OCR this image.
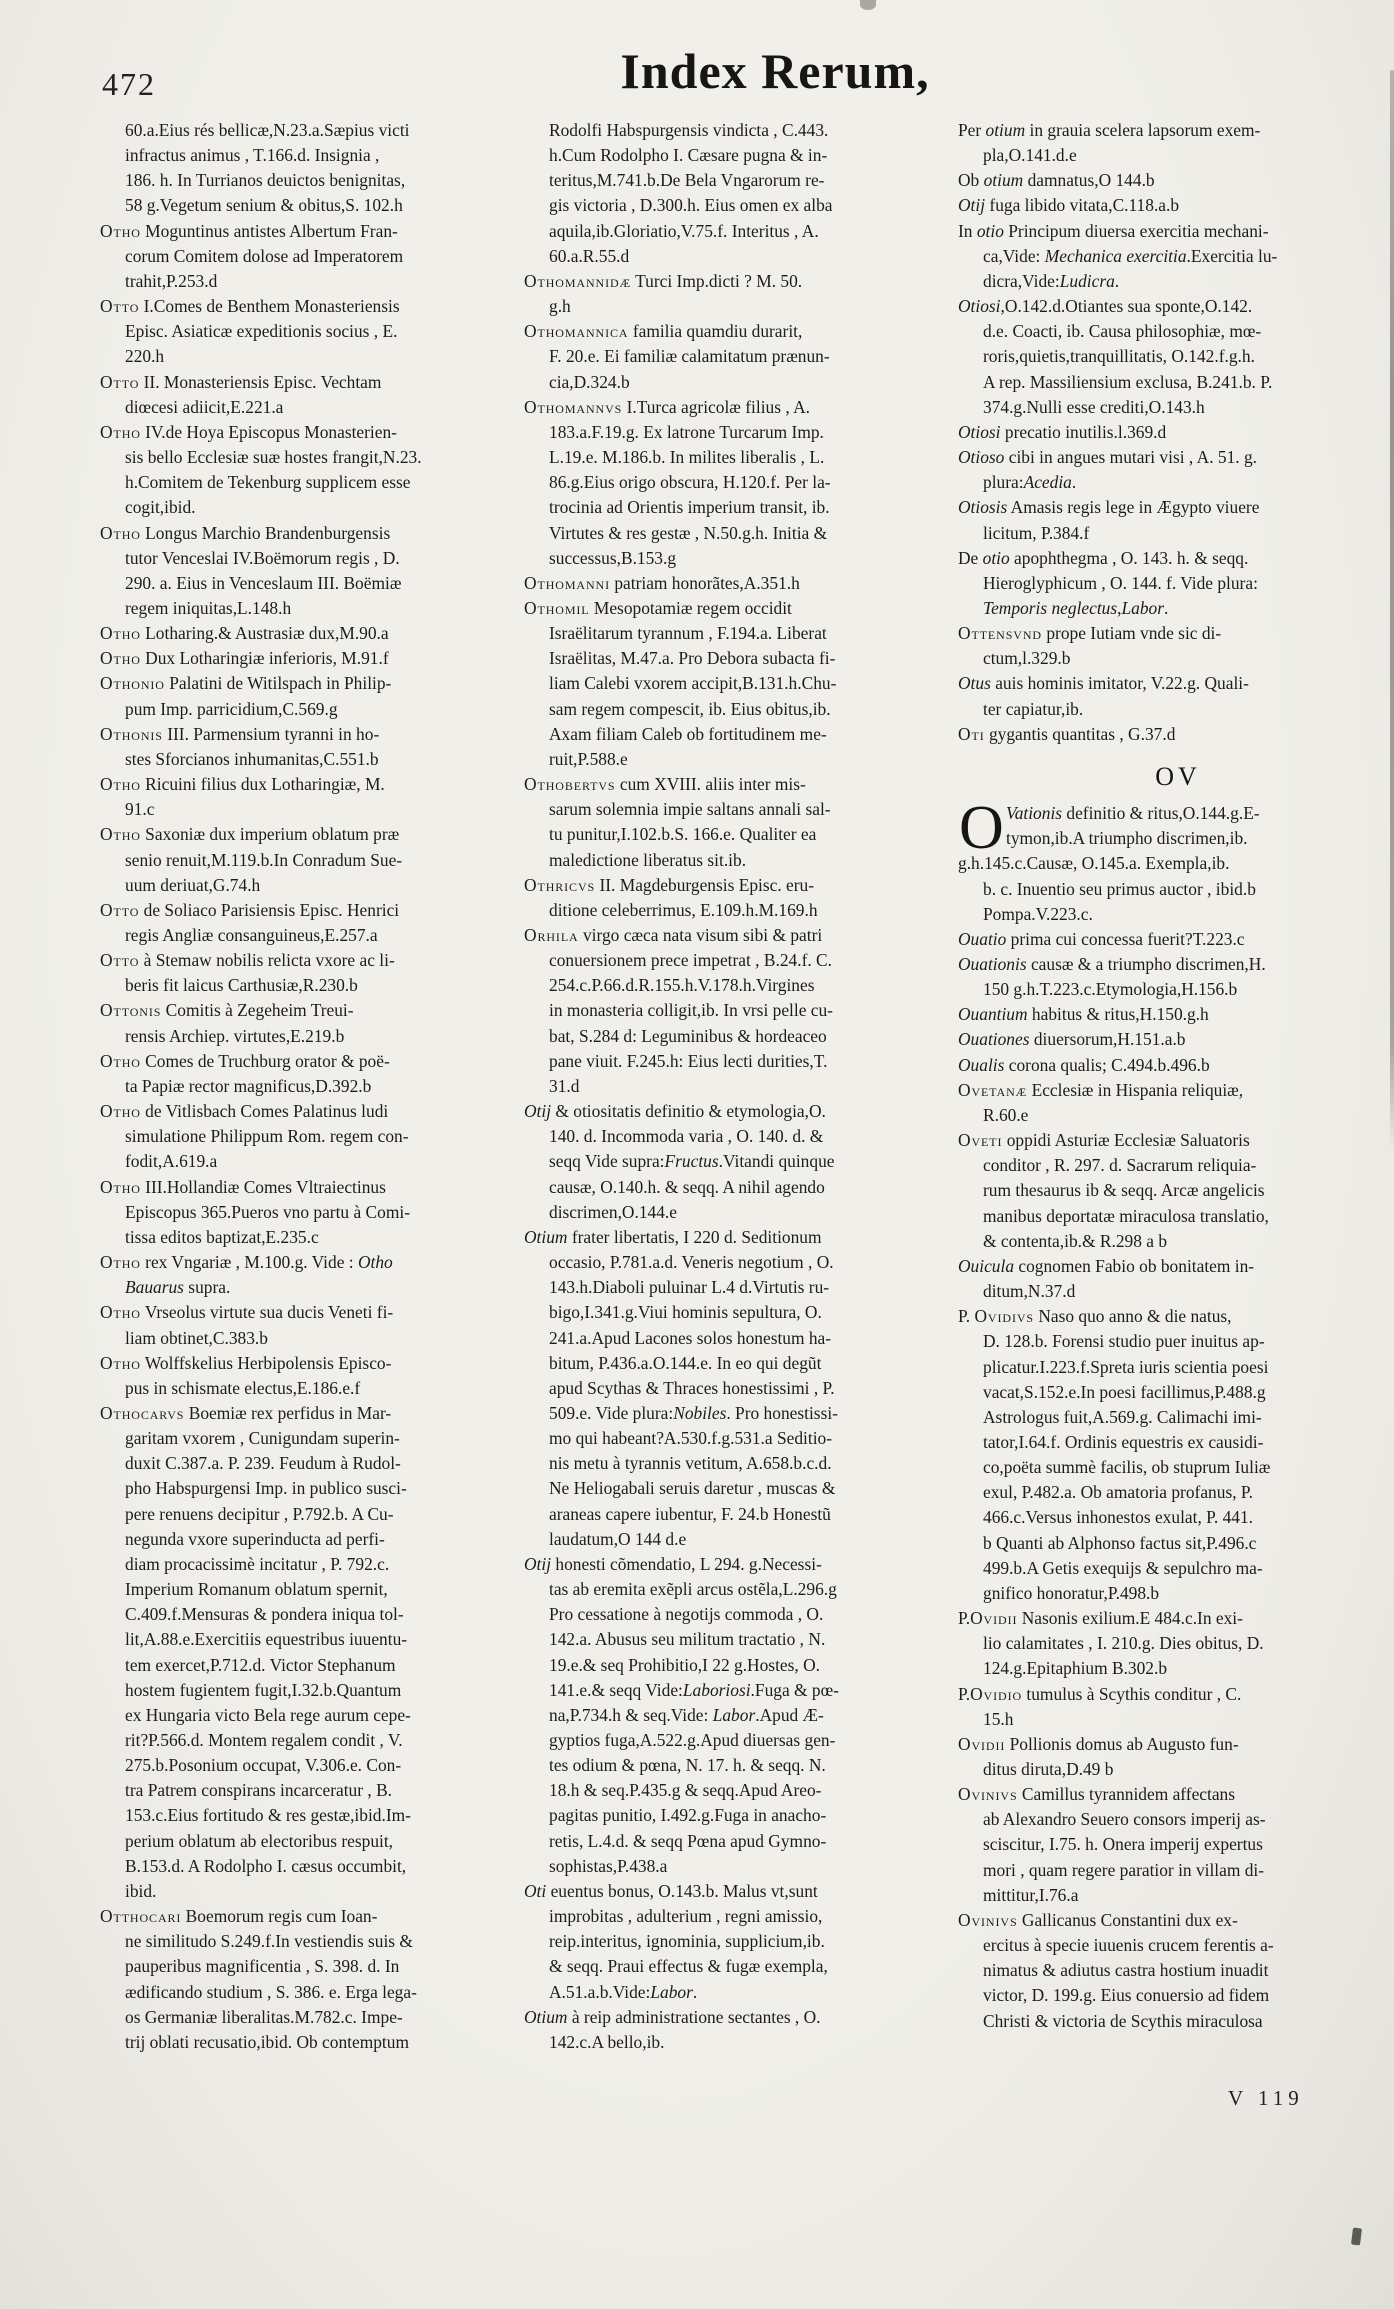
472	Index Rerum,
60.a.Eius rés bellicæ,N.23.a.Sæpius victi
infractus animus , T.166.d. Insignia ,
186. h. In Turrianos deuictos benignitas,
58 g.Vegetum senium & obitus,S. 102.h
Otho Moguntinus antistes Albertum Fran-
corum Comitem dolose ad Imperatorem
trahit,P.253.d
Otto I.Comes de Benthem Monasteriensis
Episc. Asiaticæ expeditionis socius , E.
220.h
Otto II. Monasteriensis Episc. Vechtam
diœcesi adiicit,E.221.a
Otho IV.de Hoya Episcopus Monasterien-
sis bello Ecclesiæ suæ hostes frangit,N.23.
h.Comitem de Tekenburg supplicem esse
cogit,ibid.
Otho Longus Marchio Brandenburgensis
tutor Venceslai IV.Boëmorum regis , D.
290. a. Eius in Venceslaum III. Boëmiæ
regem iniquitas,L.148.h
Otho Lotharing.& Austrasiæ dux,M.90.a
Otho Dux Lotharingiæ inferioris, M.91.f
Othonio Palatini de Witilspach in Philip-
pum Imp. parricidium,C.569.g
Othonis III. Parmensium tyranni in ho-
stes Sforcianos inhumanitas,C.551.b
Otho Ricuini filius dux Lotharingiæ, M.
91.c
Otho Saxoniæ dux imperium oblatum præ
senio renuit,M.119.b.In Conradum Sue-
uum deriuat,G.74.h
Otto de Soliaco Parisiensis Episc. Henrici
regis Angliæ consanguineus,E.257.a
Otto à Stemaw nobilis relicta vxore ac li-
beris fit laicus Carthusiæ,R.230.b
Ottonis Comitis à Zegeheim Treui-
rensis Archiep. virtutes,E.219.b
Otho Comes de Truchburg orator & poë-
ta Papiæ rector magnificus,D.392.b
Otho de Vitlisbach Comes Palatinus ludi
simulatione Philippum Rom. regem con-
fodit,A.619.a
Otho III.Hollandiæ Comes Vltraiectinus
Episcopus 365.Pueros vno partu à Comi-
tissa editos baptizat,E.235.c
Otho rex Vngariæ , M.100.g. Vide : Otho
Bauarus supra.
Otho Vrseolus virtute sua ducis Veneti fi-
liam obtinet,C.383.b
Otho Wolffskelius Herbipolensis Episco-
pus in schismate electus,E.186.e.f
Othocarvs Boemiæ rex perfidus in Mar-
garitam vxorem , Cunigundam superin-
duxit C.387.a. P. 239. Feudum à Rudol-
pho Habspurgensi Imp. in publico susci-
pere renuens decipitur , P.792.b. A Cu-
negunda vxore superinducta ad perfi-
diam procacissimè incitatur , P. 792.c.
Imperium Romanum oblatum spernit,
C.409.f.Mensuras & pondera iniqua tol-
lit,A.88.e.Exercitiis equestribus iuuentu-
tem exercet,P.712.d. Victor Stephanum
hostem fugientem fugit,I.32.b.Quantum
ex Hungaria victo Bela rege aurum cepe-
rit?P.566.d. Montem regalem condit , V.
275.b.Posonium occupat, V.306.e. Con-
tra Patrem conspirans incarceratur , B.
153.c.Eius fortitudo & res gestæ,ibid.Im-
perium oblatum ab electoribus respuit,
B.153.d. A Rodolpho I. cæsus occumbit,
ibid.
Otthocari Boemorum regis cum Ioan-
ne similitudo S.249.f.In vestiendis suis &
pauperibus magnificentia , S. 398. d. In
ædificando studium , S. 386. e. Erga lega-
os Germaniæ liberalitas.M.782.c. Impe-
trij oblati recusatio,ibid. Ob contemptum
Rodolfi Habspurgensis vindicta , C.443.
h.Cum Rodolpho I. Cæsare pugna & in-
teritus,M.741.b.De Bela Vngarorum re-
gis victoria , D.300.h. Eius omen ex alba
aquila,ib.Gloriatio,V.75.f. Interitus , A.
60.a.R.55.d
Othomannidæ Turci Imp.dicti ? M. 50.
g.h
Othomannica familia quamdiu durarit,
F. 20.e. Ei familiæ calamitatum prænun-
cia,D.324.b
Othomannvs I.Turca agricolæ filius , A.
183.a.F.19.g. Ex latrone Turcarum Imp.
L.19.e. M.186.b. In milites liberalis , L.
86.g.Eius origo obscura, H.120.f. Per la-
trocinia ad Orientis imperium transit, ib.
Virtutes & res gestæ , N.50.g.h. Initia &
successus,B.153.g
Othomanni patriam honorãtes,A.351.h
Othomil Mesopotamiæ regem occidit
Israëlitarum tyrannum , F.194.a. Liberat
Israëlitas, M.47.a. Pro Debora subacta fi-
liam Calebi vxorem accipit,B.131.h.Chu-
sam regem compescit, ib. Eius obitus,ib.
Axam filiam Caleb ob fortitudinem me-
ruit,P.588.e
Othobertvs cum XVIII. aliis inter mis-
sarum solemnia impie saltans annali sal-
tu punitur,I.102.b.S. 166.e. Qualiter ea
maledictione liberatus sit.ib.
Othricvs II. Magdeburgensis Episc. eru-
ditione celeberrimus, E.109.h.M.169.h
Orhila virgo cæca nata visum sibi & patri
conuersionem prece impetrat , B.24.f. C.
254.c.P.66.d.R.155.h.V.178.h.Virgines
in monasteria colligit,ib. In vrsi pelle cu-
bat, S.284 d: Leguminibus & hordeaceo
pane viuit. F.245.h: Eius lecti durities,T.
31.d
Otij & otiositatis definitio & etymologia,O.
140. d. Incommoda varia , O. 140. d. &
seqq Vide supra:Fructus.Vitandi quinque
causæ, O.140.h. & seqq. A nihil agendo
discrimen,O.144.e
Otium frater libertatis, I 220 d. Seditionum
occasio, P.781.a.d. Veneris negotium , O.
143.h.Diaboli puluinar L.4 d.Virtutis ru-
bigo,I.341.g.Viui hominis sepultura, O.
241.a.Apud Lacones solos honestum ha-
bitum, P.436.a.O.144.e. In eo qui degũt
apud Scythas & Thraces honestissimi , P.
509.e. Vide plura:Nobiles. Pro honestissi-
mo qui habeant?A.530.f.g.531.a Seditio-
nis metu à tyrannis vetitum, A.658.b.c.d.
Ne Heliogabali seruis daretur , muscas &
araneas capere iubentur, F. 24.b Honestũ
laudatum,O 144 d.e
Otij honesti cõmendatio, L 294. g.Necessi-
tas ab eremita exẽpli arcus ostẽla,L.296.g
Pro cessatione à negotijs commoda , O.
142.a. Abusus seu militum tractatio , N.
19.e.& seq Prohibitio,I 22 g.Hostes, O.
141.e.& seqq Vide:Laboriosi.Fuga & pœ-
na,P.734.h & seq.Vide: Labor.Apud Æ-
gyptios fuga,A.522.g.Apud diuersas gen-
tes odium & pœna, N. 17. h. & seqq. N.
18.h & seq.P.435.g & seqq.Apud Areo-
pagitas punitio, I.492.g.Fuga in anacho-
retis, L.4.d. & seqq Pœna apud Gymno-
sophistas,P.438.a
Oti euentus bonus, O.143.b. Malus vt,sunt
improbitas , adulterium , regni amissio,
reip.interitus, ignominia, supplicium,ib.
& seqq. Praui effectus & fugæ exempla,
A.51.a.b.Vide:Labor.
Otium à reip administratione sectantes , O.
142.c.A bello,ib.
Per otium in grauia scelera lapsorum exem-
pla,O.141.d.e
Ob otium damnatus,O 144.b
Otij fuga libido vitata,C.118.a.b
In otio Principum diuersa exercitia mechani-
ca,Vide: Mechanica exercitia.Exercitia lu-
dicra,Vide:Ludicra.
Otiosi,O.142.d.Otiantes sua sponte,O.142.
d.e. Coacti, ib. Causa philosophiæ, mœ-
roris,quietis,tranquillitatis, O.142.f.g.h.
A rep. Massiliensium exclusa, B.241.b. P.
374.g.Nulli esse crediti,O.143.h
Otiosi precatio inutilis.l.369.d
Otioso cibi in angues mutari visi , A. 51. g.
plura:Acedia.
Otiosis Amasis regis lege in Ægypto viuere
licitum, P.384.f
De otio apophthegma , O. 143. h. & seqq.
Hieroglyphicum , O. 144. f. Vide plura:
Temporis neglectus,Labor.
Ottensvnd prope Iutiam vnde sic di-
ctum,l.329.b
Otus auis hominis imitator, V.22.g. Quali-
ter capiatur,ib.
Oti gygantis quantitas , G.37.d
OV
O Vationis definitio & ritus,O.144.g.E-
tymon,ib.A triumpho discrimen,ib.
g.h.145.c.Causæ, O.145.a. Exempla,ib.
b. c. Inuentio seu primus auctor , ibid.b
Pompa.V.223.c.
Ouatio prima cui concessa fuerit?T.223.c
Ouationis causæ & a triumpho discrimen,H.
150 g.h.T.223.c.Etymologia,H.156.b
Ouantium habitus & ritus,H.150.g.h
Ouationes diuersorum,H.151.a.b
Oualis corona qualis; C.494.b.496.b
Ovetanæ Ecclesiæ in Hispania reliquiæ,
R.60.e
Oveti oppidi Asturiæ Ecclesiæ Saluatoris
conditor , R. 297. d. Sacrarum reliquia-
rum thesaurus ib & seqq. Arcæ angelicis
manibus deportatæ miraculosa translatio,
& contenta,ib.& R.298 a b
Ouicula cognomen Fabio ob bonitatem in-
ditum,N.37.d
P. Ovidivs Naso quo anno & die natus,
D. 128.b. Forensi studio puer inuitus ap-
plicatur.I.223.f.Spreta iuris scientia poesi
vacat,S.152.e.In poesi facillimus,P.488.g
Astrologus fuit,A.569.g. Calimachi imi-
tator,I.64.f. Ordinis equestris ex causidi-
co,poëta summè facilis, ob stuprum Iuliæ
exul, P.482.a. Ob amatoria profanus, P.
466.c.Versus inhonestos exulat, P. 441.
b Quanti ab Alphonso factus sit,P.496.c
499.b.A Getis exequijs & sepulchro ma-
gnifico honoratur,P.498.b
P.Ovidii Nasonis exilium.E 484.c.In exi-
lio calamitates , I. 210.g. Dies obitus, D.
124.g.Epitaphium B.302.b
P.Ovidio tumulus à Scythis conditur , C.
15.h
Ovidii Pollionis domus ab Augusto fun-
ditus diruta,D.49 b
Ovinivs Camillus tyrannidem affectans
ab Alexandro Seuero consors imperij as-
sciscitur, I.75. h. Onera imperij expertus
mori , quam regere paratior in villam di-
mittitur,I.76.a
Ovinivs Gallicanus Constantini dux ex-
ercitus à specie iuuenis crucem ferentis a-
nimatus & adiutus castra hostium inuadit
victor, D. 199.g. Eius conuersio ad fidem
Christi & victoria de Scythis miraculosa
V 119
